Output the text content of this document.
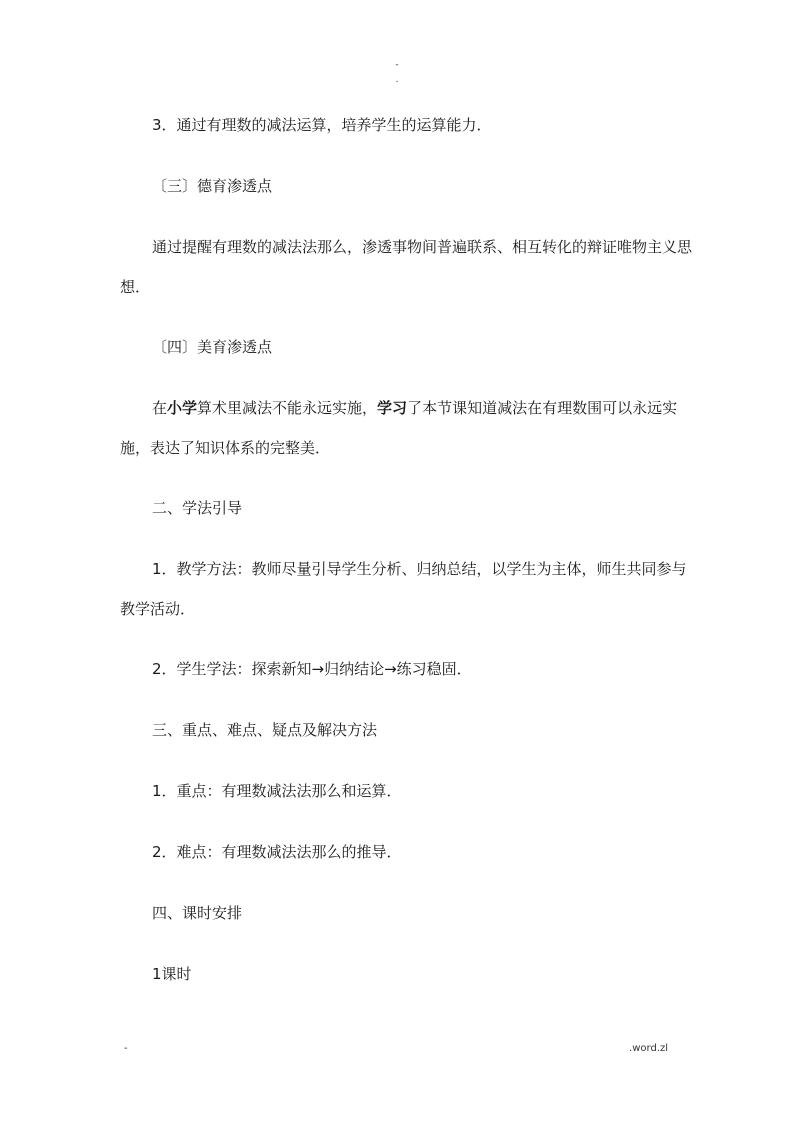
-
.

3．通过有理数的减法运算，培养学生的运算能力．

〔三〕德育渗透点

通过提醒有理数的减法法那么，渗透事物间普遍联系、相互转化的辩证唯物主义思想．

〔四〕美育渗透点

在小学算术里减法不能永远实施，学习了本节课知道减法在有理数围可以永远实施，表达了知识体系的完整美．

二、学法引导

1．教学方法：教师尽量引导学生分析、归纳总结，以学生为主体，师生共同参与教学活动．

2．学生学法：探索新知→归纳结论→练习稳固．

三、重点、难点、疑点及解决方法

1．重点：有理数减法法那么和运算．

2．难点：有理数减法法那么的推导．

四、课时安排

1课时

-	.word.zl
